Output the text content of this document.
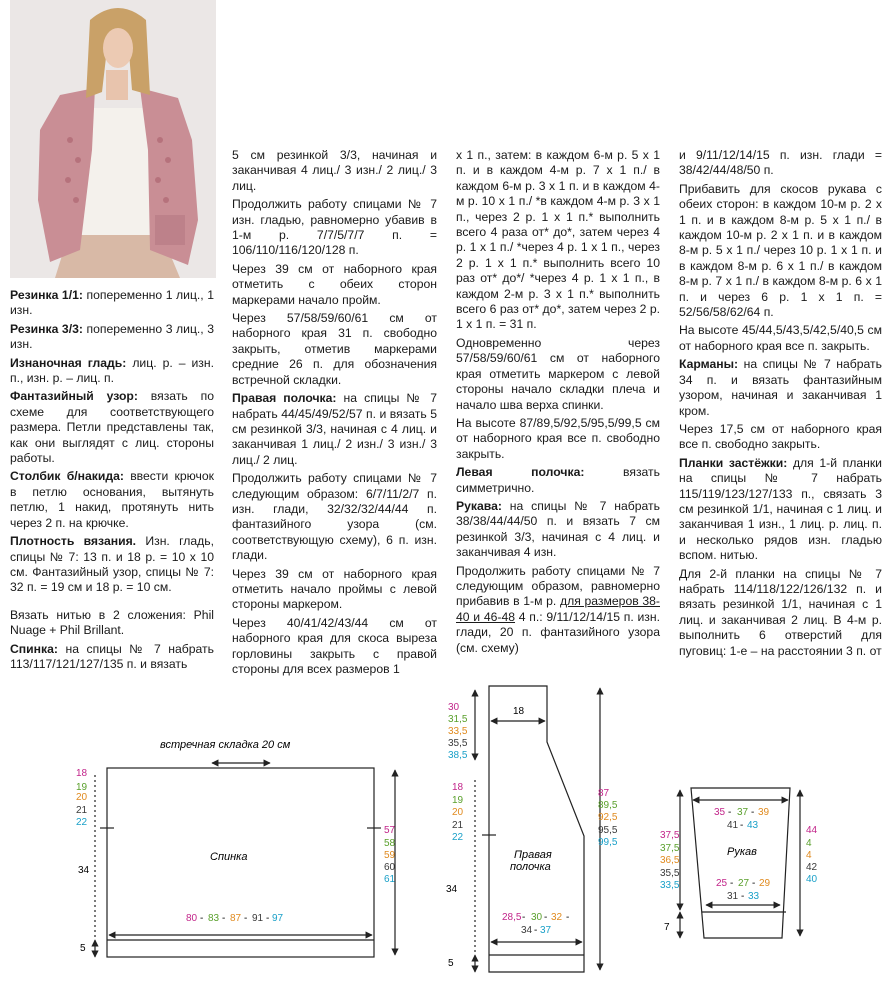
Резинка 1/1: попеременно 1 лиц., 1 изн.

Резинка 3/3: попеременно 3 лиц., 3 изн.

Изнаночная гладь: лиц. р. – изн. п., изн. р. – лиц. п.

Фантазийный узор: вязать по схеме для соответствующего размера. Петли представлены так, как они выглядят с лиц. стороны работы.

Столбик б/накида: ввести крючок в петлю основания, вытянуть петлю, 1 накид, протянуть нить через 2 п. на крючке.

Плотность вязания. Изн. гладь, спицы № 7: 13 п. и 18 р. = 10 x 10 см. Фантазийный узор, спицы № 7: 32 п. = 19 см и 18 р. = 10 см.

Вязать нитью в 2 сложения: Phil Nuage + Phil Brillant.

Спинка: на спицы № 7 набрать 113/117/121/127/135 п. и вязать

5 см резинкой 3/3, начиная и заканчивая 4 лиц./ 3 изн./ 2 лиц./ 3 лиц.

Продолжить работу спицами № 7 изн. гладью, равномерно убавив в 1-м р. 7/7/5/7/7 п. = 106/110/116/120/128 п.

Через 39 см от наборного края отметить с обеих сторон маркерами начало пройм.

Через 57/58/59/60/61 см от наборного края 31 п. свободно закрыть, отметив маркерами средние 26 п. для обозначения встречной складки.

Правая полочка: на спицы № 7 набрать 44/45/49/52/57 п. и вязать 5 см резинкой 3/3, начиная с 4 лиц. и заканчивая 1 лиц./ 2 изн./ 3 изн./ 3 лиц./ 2 лиц.

Продолжить работу спицами № 7 следующим образом: 6/7/11/2/7 п. изн. глади, 32/32/32/44/44 п. фантазийного узора (см. соответствующую схему), 6 п. изн. глади.

Через 39 см от наборного края отметить начало проймы с левой стороны маркером.

Через 40/41/42/43/44 см от наборного края для скоса выреза горловины закрыть с правой стороны для всех размеров 1

x 1 п., затем: в каждом 6-м р. 5 x 1 п. и в каждом 4-м р. 7 x 1 п./ в каждом 6-м р. 3 x 1 п. и в каждом 4-м р. 10 x 1 п./ *в каждом 4-м р. 3 x 1 п., через 2 р. 1 x 1 п.* выполнить всего 4 раза от* до*, затем через 4 р. 1 x 1 п./ *через 4 р. 1 x 1 п., через 2 р. 1 x 1 п.* выполнить всего 10 раз от* до*/ *через 4 р. 1 x 1 п., в каждом 2-м р. 3 x 1 п.* выполнить всего 6 раз от* до*, затем через 2 р. 1 x 1 п. = 31 п.

Одновременно через 57/58/59/60/61 см от наборного края отметить маркером с левой стороны начало складки плеча и начало шва верха спинки.

На высоте 87/89,5/92,5/95,5/99,5 см от наборного края все п. свободно закрыть.

Левая полочка: вязать симметрично.

Рукава: на спицы № 7 набрать 38/38/44/44/50 п. и вязать 7 см резинкой 3/3, начиная с 4 лиц. и заканчивая 4 изн.

Продолжить работу спицами № 7 следующим образом, равномерно прибавив в 1-м р. для размеров 38-40 и 46-48 4 п.: 9/11/12/14/15 п. изн. глади, 20 п. фантазийного узора (см. схему)

и 9/11/12/14/15 п. изн. глади = 38/42/44/48/50 п.

Прибавить для скосов рукава с обеих сторон: в каждом 10-м р. 2 x 1 п. и в каждом 8-м р. 5 x 1 п./ в каждом 10-м р. 2 x 1 п. и в каждом 8-м р. 5 x 1 п./ через 10 р. 1 x 1 п. и в каждом 8-м р. 6 x 1 п./ в каждом 8-м р. 7 x 1 п./ в каждом 8-м р. 6 x 1 п. и через 6 р. 1 x 1 п. = 52/56/58/62/64 п.

На высоте 45/44,5/43,5/42,5/40,5 см от наборного края все п. закрыть.

Карманы: на спицы № 7 набрать 34 п. и вязать фантазийным узором, начиная и заканчивая 1 кром.

Через 17,5 см от наборного края все п. свободно закрыть.

Планки застёжки: для 1-й планки на спицы № 7 набрать 115/119/123/127/133 п., связать 3 см резинкой 1/1, начиная с 1 лиц. и заканчивая 1 изн., 1 лиц. р. лиц. п. и несколько рядов изн. гладью вспом. нитью.

Для 2-й планки на спицы № 7 набрать 114/118/122/126/132 п. и вязать резинкой 1/1, начиная с 1 лиц. и заканчивая 2 лиц. В 4-м р. выполнить 6 отверстий для пуговиц: 1-е – на расстоянии 3 п. от

встречная складка 20 см
Спинка
18
19
20
21
22
34
5
57
58
59
60
61
80 - 83 - 87 - 91 - 97
18
30
31,5
33,5
35,5
38,5
18
19
20
21
22
34
5
Правая
полочка
87
89,5
92,5
95,5
99,5
28,5 - 30 - 32 -
34 - 37
Рукав
35 - 37 - 39
41 - 43
37,5
37,5
36,5
35,5
33,5	25 - 27 - 29
31 - 33
44
4
4
42
40
7
